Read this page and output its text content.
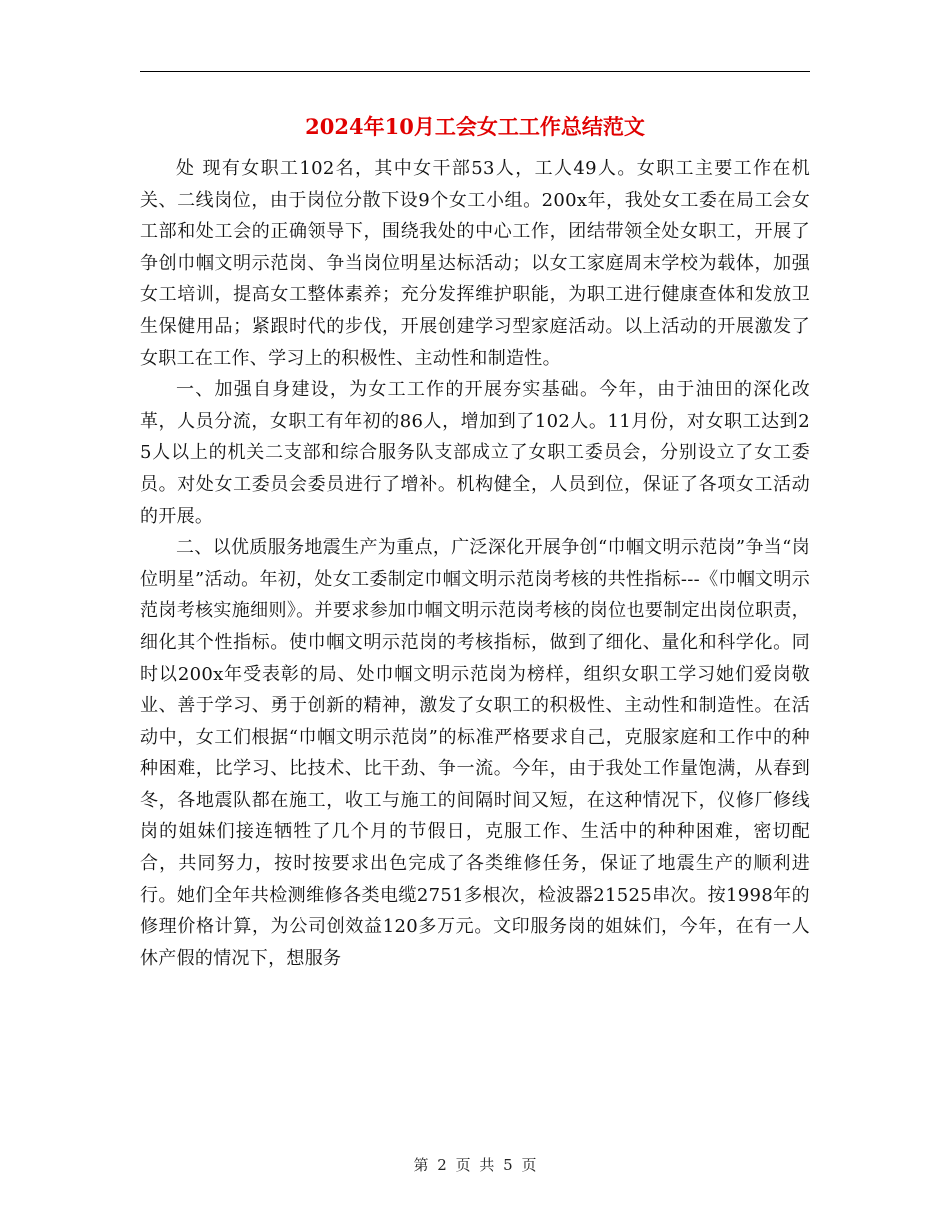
2024年10月工会女工工作总结范文

处 现有女职工102名，其中女干部53人，工人49人。女职工主要工作在机关、二线岗位，由于岗位分散下设9个女工小组。200x年，我处女工委在局工会女工部和处工会的正确领导下，围绕我处的中心工作，团结带领全处女职工，开展了争创巾帼文明示范岗、争当岗位明星达标活动；以女工家庭周末学校为载体，加强女工培训，提高女工整体素养；充分发挥维护职能，为职工进行健康查体和发放卫生保健用品；紧跟时代的步伐，开展创建学习型家庭活动。以上活动的开展激发了女职工在工作、学习上的积极性、主动性和制造性。

一、加强自身建设，为女工工作的开展夯实基础。今年，由于油田的深化改革，人员分流，女职工有年初的86人，增加到了102人。11月份，对女职工达到25人以上的机关二支部和综合服务队支部成立了女职工委员会，分别设立了女工委员。对处女工委员会委员进行了增补。机构健全，人员到位，保证了各项女工活动的开展。

二、以优质服务地震生产为重点，广泛深化开展争创“巾帼文明示范岗”争当“岗位明星”活动。年初，处女工委制定巾帼文明示范岗考核的共性指标---《巾帼文明示范岗考核实施细则》。并要求参加巾帼文明示范岗考核的岗位也要制定出岗位职责，细化其个性指标。使巾帼文明示范岗的考核指标，做到了细化、量化和科学化。同时以200x年受表彰的局、处巾帼文明示范岗为榜样，组织女职工学习她们爱岗敬业、善于学习、勇于创新的精神，激发了女职工的积极性、主动性和制造性。在活动中，女工们根据“巾帼文明示范岗”的标准严格要求自己，克服家庭和工作中的种种困难，比学习、比技术、比干劲、争一流。今年，由于我处工作量饱满，从春到冬，各地震队都在施工，收工与施工的间隔时间又短，在这种情况下，仪修厂修线岗的姐妹们接连牺牲了几个月的节假日，克服工作、生活中的种种困难，密切配合，共同努力，按时按要求出色完成了各类维修任务，保证了地震生产的顺利进行。她们全年共检测维修各类电缆2751多根次，检波器21525串次。按1998年的修理价格计算，为公司创效益120多万元。文印服务岗的姐妹们，今年，在有一人休产假的情况下，想服务

第 2 页 共 5 页
